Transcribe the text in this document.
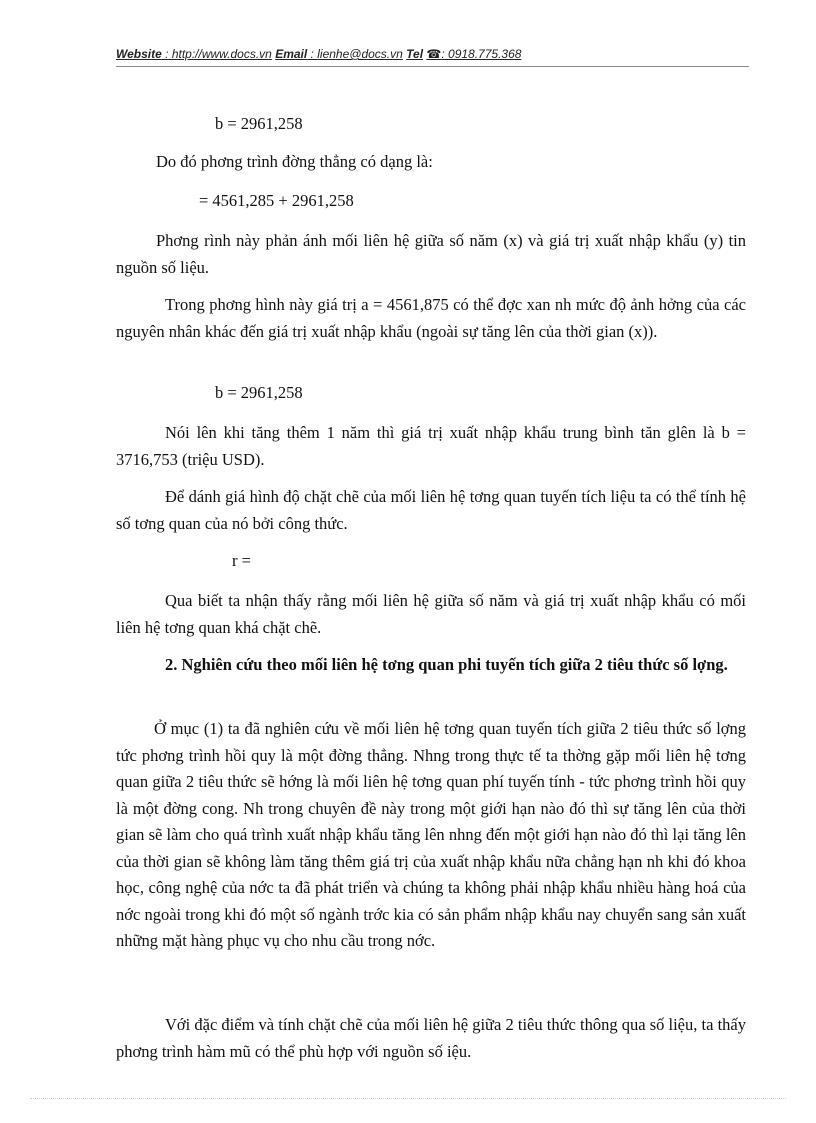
Website : http://www.docs.vn Email : lienhe@docs.vn Tel ☎: 0918.775.368
b = 2961,258
Do đó phơng trình đờng thẳng có dạng là:
= 4561,285 + 2961,258
Phơng rình này phản ánh mối liên hệ giữa số năm (x) và giá trị xuất nhập khẩu (y) tin nguồn số liệu.
Trong phơng hình này giá trị a = 4561,875 có thể đợc xan nh mức độ ảnh hởng của các nguyên nhân khác đến giá trị xuất nhập khẩu (ngoài sự tăng lên của thời gian (x)).
b = 2961,258
Nói lên khi tăng thêm 1 năm thì giá trị xuất nhập khẩu trung bình tăn glên là b = 3716,753 (triệu USD).
Để dánh giá hình độ chặt chẽ của mối liên hệ tơng quan tuyến tích liệu ta có thể tính hệ số tơng quan của nó bởi công thức.
r =
Qua biết ta nhận thấy rằng mối liên hệ giữa số năm và giá trị xuất nhập khẩu có mối liên hệ tơng quan khá chặt chẽ.
2. Nghiên cứu theo mối liên hệ tơng quan phi tuyến tích giữa 2 tiêu thức số lợng.
Ở mục (1) ta đã nghiên cứu về mối liên hệ tơng quan tuyến tích giữa 2 tiêu thức số lợng tức phơng trình hồi quy là một đờng thẳng. Nhng trong thực tế ta thờng gặp mối liên hệ tơng quan giữa 2 tiêu thức sẽ hớng là mối liên hệ tơng quan phí tuyến tính - tức phơng trình hồi quy là một đờng cong. Nh trong chuyên đề này trong một giới hạn nào đó thì sự tăng lên của thời gian sẽ làm cho quá trình xuất nhập khẩu tăng lên nhng đến một giới hạn nào đó thì lại tăng lên của thời gian sẽ không làm tăng thêm giá trị của xuất nhập khẩu nữa chẳng hạn nh khi đó khoa học, công nghệ của nớc ta đã phát triển và chúng ta không phải nhập khẩu nhiều hàng hoá của nớc ngoài trong khi đó một số ngành trớc kia có sản phẩm nhập khẩu nay chuyển sang sản xuất những mặt hàng phục vụ cho nhu cầu trong nớc.
Với đặc điểm và tính chặt chẽ của mối liên hệ giữa 2 tiêu thức thông qua số liệu, ta thấy phơng trình hàm mũ có thể phù hợp với nguồn số iệu.
